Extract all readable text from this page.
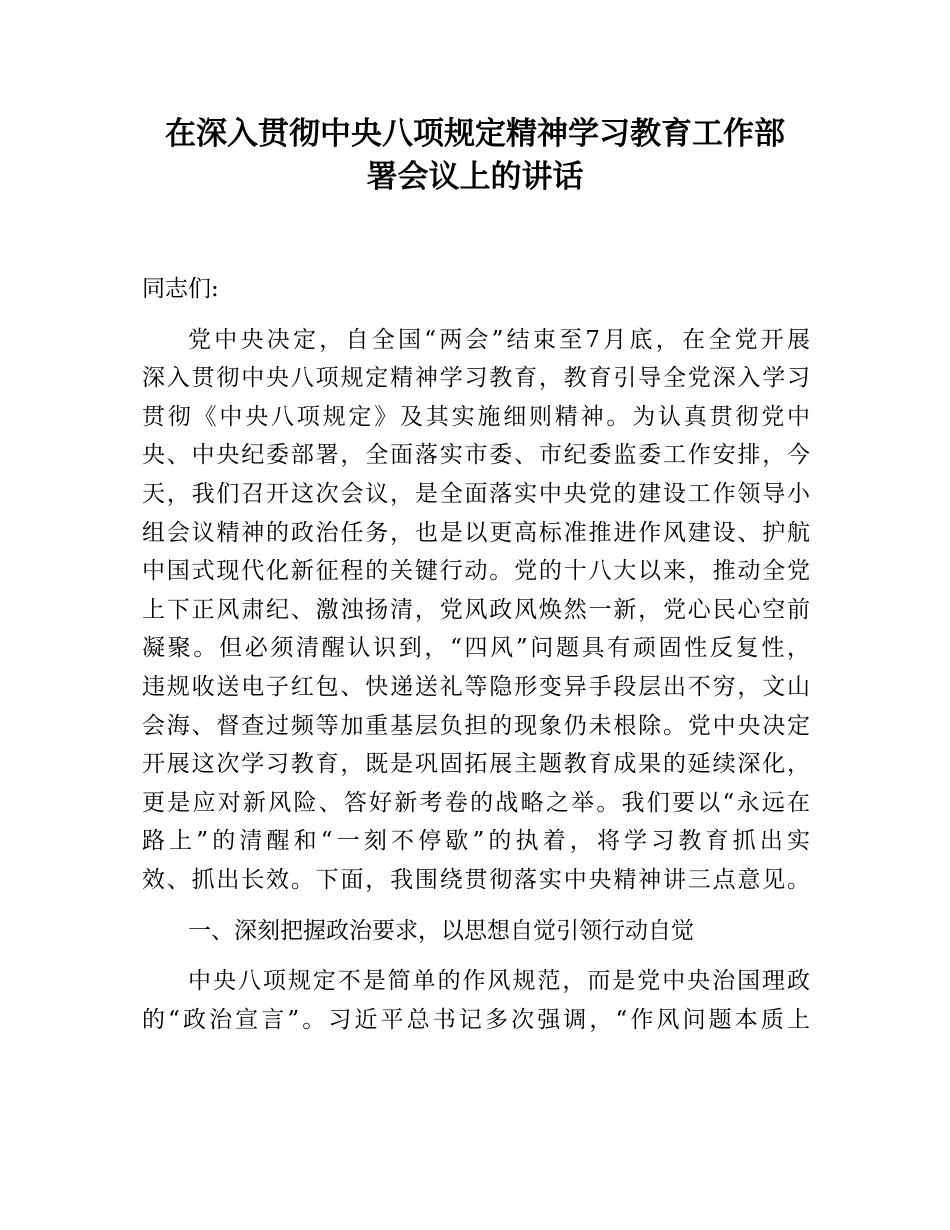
在深入贯彻中央八项规定精神学习教育工作部
署会议上的讲话
同志们:
党中央决定，自全国“两会”结束至7月底，在全党开展
深入贯彻中央八项规定精神学习教育，教育引导全党深入学习
贯彻《中央八项规定》及其实施细则精神。为认真贯彻党中
央、中央纪委部署，全面落实市委、市纪委监委工作安排，今
天，我们召开这次会议，是全面落实中央党的建设工作领导小
组会议精神的政治任务，也是以更高标准推进作风建设、护航
中国式现代化新征程的关键行动。党的十八大以来，推动全党
上下正风肃纪、激浊扬清，党风政风焕然一新，党心民心空前
凝聚。但必须清醒认识到，“四风”问题具有顽固性反复性，
违规收送电子红包、快递送礼等隐形变异手段层出不穷，文山
会海、督查过频等加重基层负担的现象仍未根除。党中央决定
开展这次学习教育，既是巩固拓展主题教育成果的延续深化，
更是应对新风险、答好新考卷的战略之举。我们要以“永远在
路上”的清醒和“一刻不停歇”的执着，将学习教育抓出实
效、抓出长效。下面，我围绕贯彻落实中央精神讲三点意见。
一、深刻把握政治要求，以思想自觉引领行动自觉
中央八项规定不是简单的作风规范，而是党中央治国理政
的“政治宣言”。习近平总书记多次强调，“作风问题本质上
